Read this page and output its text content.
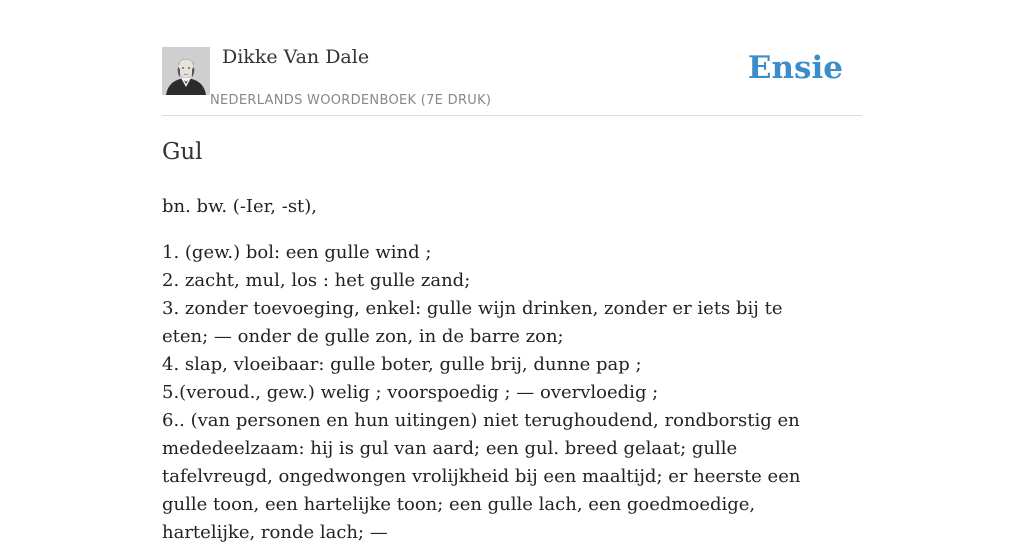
Dikke Van Dale
NEDERLANDS WOORDENBOEK (7E DRUK)
Ensie
Gul

bn. bw. (-Ier, -st),

1. (gew.) bol: een gulle wind ;
2. zacht, mul, los : het gulle zand;
3. zonder toevoeging, enkel: gulle wijn drinken, zonder er iets bij te eten; — onder de gulle zon, in de barre zon;
4. slap, vloeibaar: gulle boter, gulle brij, dunne pap ;
5.(veroud., gew.) welig ; voorspoedig ; — overvloedig ;
6.. (van personen en hun uitingen) niet terughoudend, rondborstig en mededeelzaam: hij is gul van aard; een gul. breed gelaat; gulle tafelvreugd, ongedwongen vrolijkheid bij een maaltijd; er heerste een gulle toon, een hartelijke toon; een gulle lach, een goedmoedige, hartelijke, ronde lach; —
